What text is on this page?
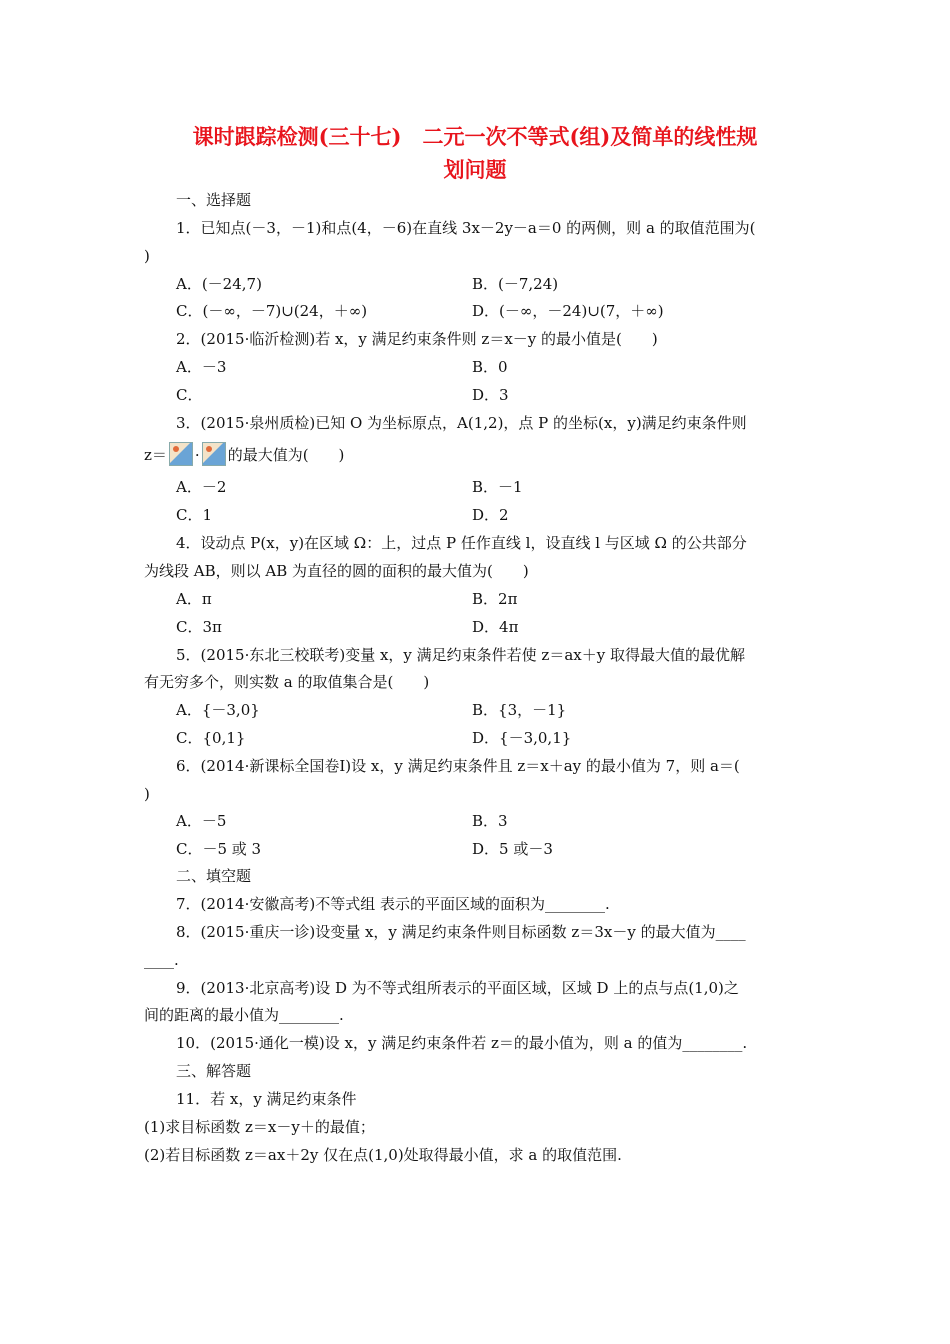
课时跟踪检测(三十七)　二元一次不等式(组)及简单的线性规
划问题
一、选择题
1．已知点(－3，－1)和点(4，－6)在直线 3x－2y－a＝0 的两侧，则 a 的取值范围为(
)
A．(－24,7)	B．(－7,24)
C．(－∞，－7)∪(24，＋∞)	D．(－∞，－24)∪(7，＋∞)
2．(2015·临沂检测)若 x，y 满足约束条件则 z＝x－y 的最小值是(　　)
A．－3	B．0
C．	D．3
3．(2015·泉州质检)已知 O 为坐标原点，A(1,2)，点 P 的坐标(x，y)满足约束条件则
A．－2	B．－1
C．1	D．2
4．设动点 P(x，y)在区域 Ω：上，过点 P 任作直线 l，设直线 l 与区域 Ω 的公共部分
为线段 AB，则以 AB 为直径的圆的面积的最大值为(　　)
A．π	B．2π
C．3π	D．4π
5．(2015·东北三校联考)变量 x，y 满足约束条件若使 z＝ax＋y 取得最大值的最优解
有无穷多个，则实数 a 的取值集合是(　　)
A．{－3,0}	B．{3，－1}
C．{0,1}	D．{－3,0,1}
6．(2014·新课标全国卷Ⅰ)设 x，y 满足约束条件且 z＝x＋ay 的最小值为 7，则 a＝(
)
A．－5	B．3
C．－5 或 3	D．5 或－3
二、填空题
7．(2014·安徽高考)不等式组 表示的平面区域的面积为________.
8．(2015·重庆一诊)设变量 x，y 满足约束条件则目标函数 z＝3x－y 的最大值为____
____.
9．(2013·北京高考)设 D 为不等式组所表示的平面区域，区域 D 上的点与点(1,0)之
间的距离的最小值为________.
10．(2015·通化一模)设 x，y 满足约束条件若 z＝的最小值为，则 a 的值为________.
三、解答题
11．若 x，y 满足约束条件
(1)求目标函数 z＝x－y＋的最值；
(2)若目标函数 z＝ax＋2y 仅在点(1,0)处取得最小值，求 a 的取值范围.
z＝ · 的最大值为(　　)
